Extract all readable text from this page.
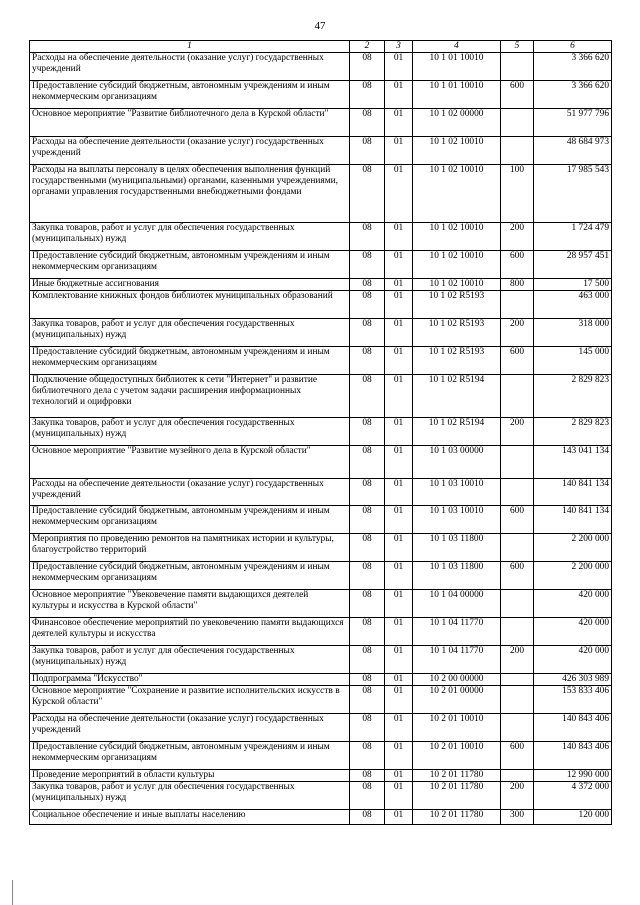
47
1	2	3	4	5	6
Расходы на обеспечение деятельности (оказание услуг) государственных учреждений	08	01	10 1 01 10010		3 366 620
Предоставление субсидий бюджетным, автономным учреждениям и иным некоммерческим организациям	08	01	10 1 01 10010	600	3 366 620
Основное мероприятие "Развитие библиотечного дела в Курской области"	08	01	10 1 02 00000		51 977 796
Расходы на обеспечение деятельности (оказание услуг) государственных учреждений	08	01	10 1 02 10010		48 684 973
Расходы на выплаты персоналу в целях обеспечения выполнения функций государственными (муниципальными) органами, казенными учреждениями, органами управления государственными внебюджетными фондами	08	01	10 1 02 10010	100	17 985 543
Закупка товаров, работ и услуг для обеспечения государственных (муниципальных) нужд	08	01	10 1 02 10010	200	1 724 479
Предоставление субсидий бюджетным, автономным учреждениям и иным некоммерческим организациям	08	01	10 1 02 10010	600	28 957 451
Иные бюджетные ассигнования	08	01	10 1 02 10010	800	17 500
Комплектование книжных фондов библиотек муниципальных образований	08	01	10 1 02 R5193		463 000
Закупка товаров, работ и услуг для обеспечения государственных (муниципальных) нужд	08	01	10 1 02 R5193	200	318 000
Предоставление субсидий бюджетным, автономным учреждениям и иным некоммерческим организациям	08	01	10 1 02 R5193	600	145 000
Подключение общедоступных библиотек к сети "Интернет" и развитие библиотечного дела с учетом задачи расширения информационных технологий и оцифровки	08	01	10 1 02 R5194		2 829 823
Закупка товаров, работ и услуг для обеспечения государственных (муниципальных) нужд	08	01	10 1 02 R5194	200	2 829 823
Основное мероприятие "Развитие музейного дела в Курской области"	08	01	10 1 03 00000		143 041 134
Расходы на обеспечение деятельности (оказание услуг) государственных учреждений	08	01	10 1 03 10010		140 841 134
Предоставление субсидий бюджетным, автономным учреждениям и иным некоммерческим организациям	08	01	10 1 03 10010	600	140 841 134
Мероприятия по проведению ремонтов на памятниках истории и культуры, благоустройство территорий	08	01	10 1 03 11800		2 200 000
Предоставление субсидий бюджетным, автономным учреждениям и иным некоммерческим организациям	08	01	10 1 03 11800	600	2 200 000
Основное мероприятие "Увековечение памяти выдающихся деятелей культуры и искусства в Курской области"	08	01	10 1 04 00000		420 000
Финансовое обеспечение мероприятий по увековечению памяти выдающихся деятелей культуры и искусства	08	01	10 1 04 11770		420 000
Закупка товаров, работ и услуг для обеспечения государственных (муниципальных) нужд	08	01	10 1 04 11770	200	420 000
Подпрограмма "Искусство"	08	01	10 2 00 00000		426 303 989
Основное мероприятие "Сохранение и развитие исполнительских искусств в Курской области"	08	01	10 2 01 00000		153 833 406
Расходы на обеспечение деятельности (оказание услуг) государственных учреждений	08	01	10 2 01 10010		140 843 406
Предоставление субсидий бюджетным, автономным учреждениям и иным некоммерческим организациям	08	01	10 2 01 10010	600	140 843 406
Проведение мероприятий в области культуры	08	01	10 2 01 11780		12 990 000
Закупка товаров, работ и услуг для обеспечения государственных (муниципальных) нужд	08	01	10 2 01 11780	200	4 372 000
Социальное обеспечение и иные выплаты населению	08	01	10 2 01 11780	300	120 000
